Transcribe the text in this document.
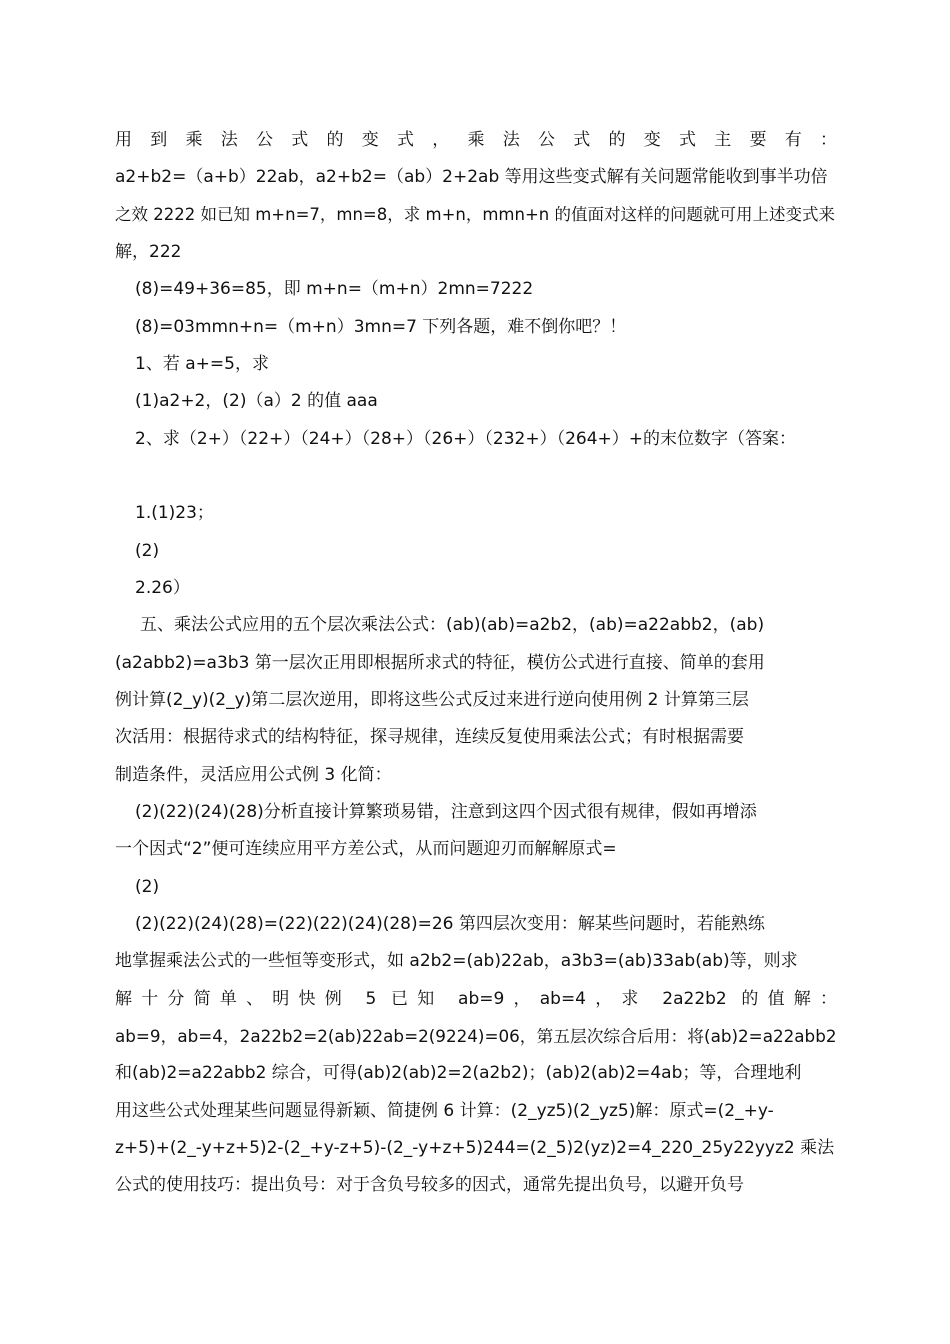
用到乘法公式的变式，乘法公式的变式主要有：
a2+b2=（a+b）22ab，a2+b2=（ab）2+2ab 等用这些变式解有关问题常能收到事半功倍
之效 2222 如已知 m+n=7，mn=8，求 m+n，mmn+n 的值面对这样的问题就可用上述变式来
解，222
(8)=49+36=85，即 m+n=（m+n）2mn=7222
(8)=03mmn+n=（m+n）3mn=7 下列各题，难不倒你吧？！
1、若 a+=5，求
(1)a2+2，(2)（a）2 的值 aaa
2、求（2+）（22+）（24+）（28+）（26+）（232+）（264+）+的末位数字（答案：
1.(1)23；
(2)
2.26）
五、乘法公式应用的五个层次乘法公式：(ab)(ab)=a2b2，(ab)=a22abb2，(ab)
(a2abb2)=a3b3 第一层次正用即根据所求式的特征，模仿公式进行直接、简单的套用
例计算(2_y)(2_y)第二层次逆用，即将这些公式反过来进行逆向使用例 2 计算第三层
次活用：根据待求式的结构特征，探寻规律，连续反复使用乘法公式；有时根据需要
制造条件，灵活应用公式例 3 化简：
(2)(22)(24)(28)分析直接计算繁琐易错，注意到这四个因式很有规律，假如再增添
一个因式“2”便可连续应用平方差公式，从而问题迎刃而解解原式=
(2)
(2)(22)(24)(28)=(22)(22)(24)(28)=26 第四层次变用：解某些问题时，若能熟练
地掌握乘法公式的一些恒等变形式，如 a2b2=(ab)22ab，a3b3=(ab)33ab(ab)等，则求
解十分简单、明快例 5 已知 ab=9，ab=4，求 2a22b2 的值解：
ab=9，ab=4，2a22b2=2(ab)22ab=2(9224)=06，第五层次综合后用：将(ab)2=a22abb2
和(ab)2=a22abb2 综合，可得(ab)2(ab)2=2(a2b2)；(ab)2(ab)2=4ab；等，合理地利
用这些公式处理某些问题显得新颖、简捷例 6 计算：(2_yz5)(2_yz5)解：原式=(2_+y-
z+5)+(2_-y+z+5)2-(2_+y-z+5)-(2_-y+z+5)244=(2_5)2(yz)2=4_220_25y22yyz2 乘法
公式的使用技巧：提出负号：对于含负号较多的因式，通常先提出负号，以避开负号
